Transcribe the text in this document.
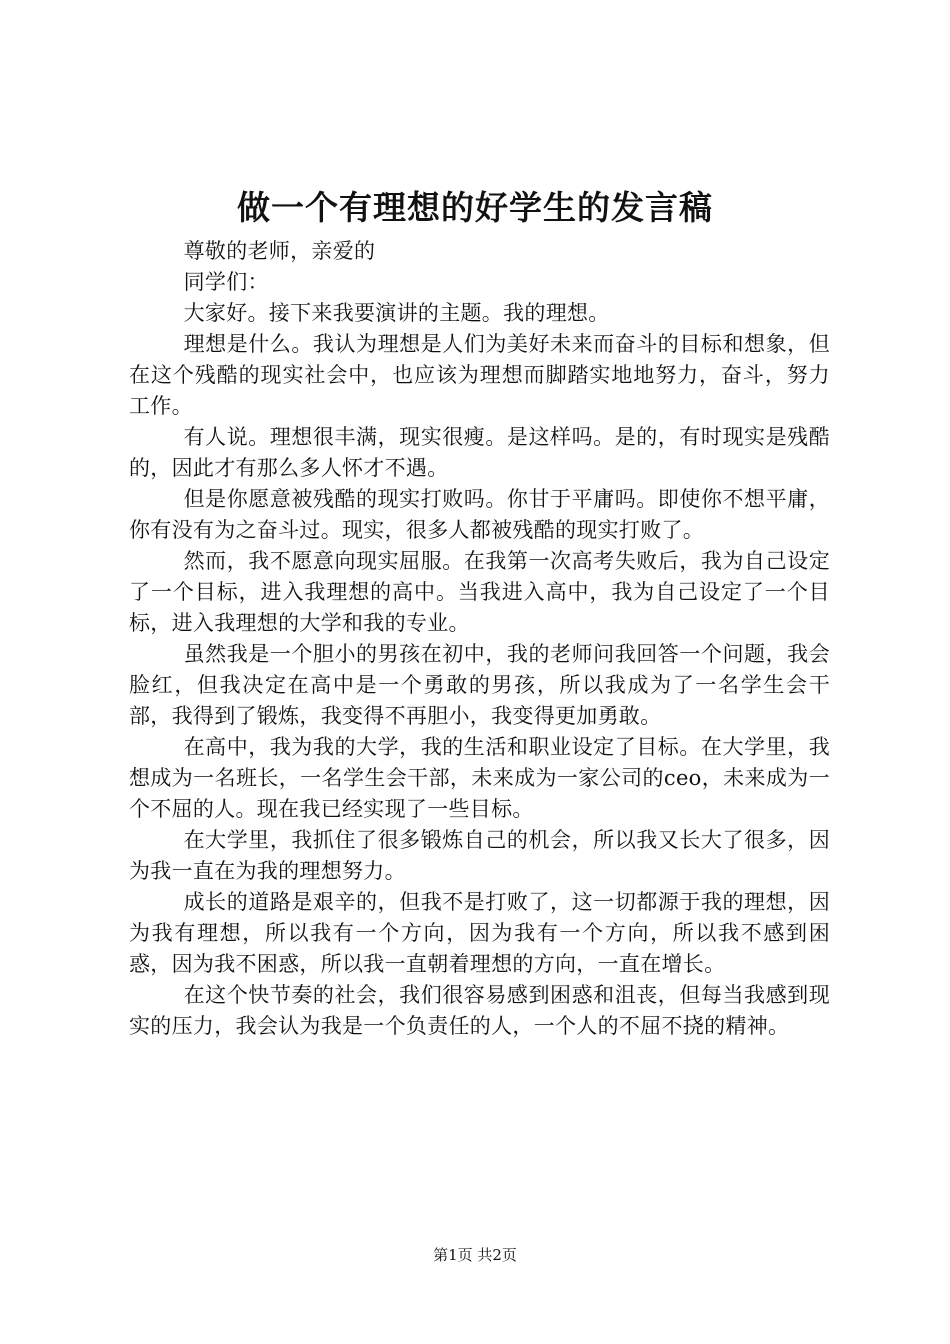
做一个有理想的好学生的发言稿

尊敬的老师，亲爱的

同学们：

大家好。接下来我要演讲的主题。我的理想。

理想是什么。我认为理想是人们为美好未来而奋斗的目标和想象，但在这个残酷的现实社会中，也应该为理想而脚踏实地地努力，奋斗，努力工作。

有人说。理想很丰满，现实很瘦。是这样吗。是的，有时现实是残酷的，因此才有那么多人怀才不遇。

但是你愿意被残酷的现实打败吗。你甘于平庸吗。即使你不想平庸，你有没有为之奋斗过。现实，很多人都被残酷的现实打败了。

然而，我不愿意向现实屈服。在我第一次高考失败后，我为自己设定了一个目标，进入我理想的高中。当我进入高中，我为自己设定了一个目标，进入我理想的大学和我的专业。

虽然我是一个胆小的男孩在初中，我的老师问我回答一个问题，我会脸红，但我决定在高中是一个勇敢的男孩，所以我成为了一名学生会干部，我得到了锻炼，我变得不再胆小，我变得更加勇敢。

在高中，我为我的大学，我的生活和职业设定了目标。在大学里，我想成为一名班长，一名学生会干部，未来成为一家公司的ceo，未来成为一个不屈的人。现在我已经实现了一些目标。

在大学里，我抓住了很多锻炼自己的机会，所以我又长大了很多，因为我一直在为我的理想努力。

成长的道路是艰辛的，但我不是打败了，这一切都源于我的理想，因为我有理想，所以我有一个方向，因为我有一个方向，所以我不感到困惑，因为我不困惑，所以我一直朝着理想的方向，一直在增长。

在这个快节奏的社会，我们很容易感到困惑和沮丧，但每当我感到现实的压力，我会认为我是一个负责任的人，一个人的不屈不挠的精神。

第1页 共2页
